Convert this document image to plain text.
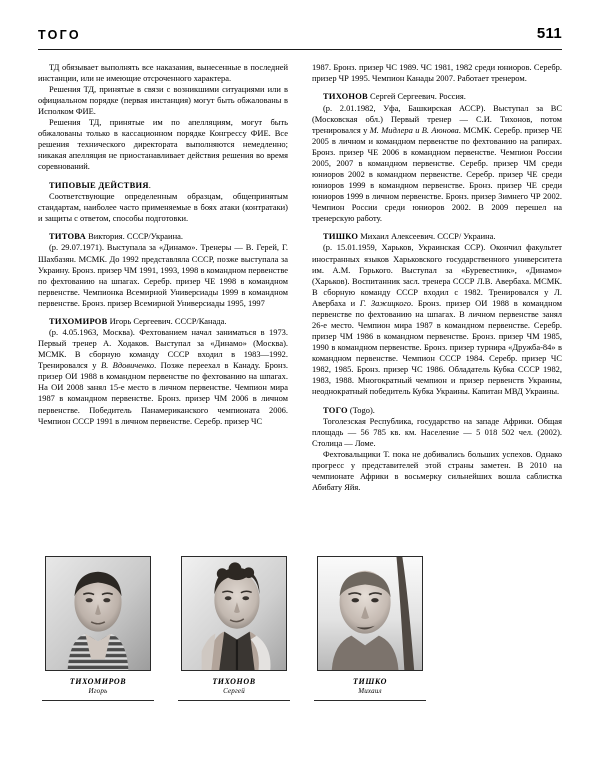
ТОГО	511

ТД обязывает выполнять все наказания, вынесенные в последней инстанции, или не имеющие отсроченного характера.

Решения ТД, принятые в связи с возникшими ситуациями или в официальном порядке (первая инстанция) могут быть обжалованы в Исполком ФИЕ.

Решения ТД, принятые им по апелляциям, могут быть обжалованы только в кассационном порядке Конгрессу ФИЕ. Все решения технического директората выполняются немедленно; никакая апелляция не приостанавливает действия решения во время соревнований.

ТИПОВЫЕ ДЕЙСТВИЯ.

Соответствующие определенным образцам, общепринятым стандартам, наиболее часто применяемые в боях атаки (контратаки) и защиты с ответом, способы подготовки.

ТИТОВА Виктория. СССР/Украина.

(р. 29.07.1971). Выступала за «Динамо». Тренеры — В. Герей, Г. Шахбазян. МСМК. До 1992 представляла СССР, позже выступала за Украину. Бронз. призер ЧМ 1991, 1993, 1998 в командном первенстве по фехтованию на шпагах. Серебр. призер ЧЕ 1998 в командном первенстве. Чемпионка Всемирной Универсиады 1999 в командном первенстве. Бронз. призер Всемирной Универсиады 1995, 1997

ТИХОМИРОВ Игорь Сергеевич. СССР/Канада.

(р. 4.05.1963, Москва). Фехтованием начал заниматься в 1973. Первый тренер А. Ходаков. Выступал за «Динамо» (Москва). МСМК. В сборную команду СССР входил в 1983—1992. Тренировался у В. Вдовиченко. Позже переехал в Канаду. Бронз. призер ОИ 1988 в командном первенстве по фехтованию на шпагах. На ОИ 2008 занял 15-е место в личном первенстве. Чемпион мира 1987 в командном первенстве. Бронз. призер ЧМ 2006 в личном первенстве. Победитель Панамериканского чемпионата 2006. Чемпион СССР 1991 в личном первенстве. Серебр. призер ЧС

1987. Бронз. призер ЧС 1989. ЧС 1981, 1982 среди юниоров. Серебр. призер ЧР 1995. Чемпион Канады 2007. Работает тренером.

ТИХОНОВ Сергей Сергеевич. Россия.

(р. 2.01.1982, Уфа, Башкирская АССР). Выступал за ВС (Московская обл.) Первый тренер — С.И. Тихонов, потом тренировался у М. Мидлера и В. Аюнова. МСМК. Серебр. призер ЧЕ 2005 в личном и командном первенстве по фехтованию на рапирах. Бронз. призер ЧЕ 2006 в командном первенстве. Чемпион России 2005, 2007 в командном первенстве. Серебр. призер ЧМ среди юниоров 2002 в командном первенстве. Серебр. призер ЧЕ среди юниоров 1999 в командном первенстве. Бронз. призер ЧЕ среди юниоров 1999 в личном первенстве. Бронз. призер Зимнего ЧР 2002. Чемпион России среди юниоров 2002. В 2009 перешел на тренерскую работу.

ТИШКО Михаил Алексеевич. СССР/ Украина.

(р. 15.01.1959, Харьков, Украинская ССР). Окончил факультет иностранных языков Харьковского государственного университета им. А.М. Горького. Выступал за «Буревестник», «Динамо» (Харьков). Воспитанник засл. тренера СССР Л.В. Авербаха. МСМК. В сборную команду СССР входил с 1982. Тренировался у Л. Авербаха и Г. Зажицкого. Бронз. призер ОИ 1988 в командном первенстве по фехтованию на шпагах. В личном первенстве занял 26-е место. Чемпион мира 1987 в командном первенстве. Серебр. призер ЧМ 1986 в командном первенстве. Бронз. призер ЧМ 1985, 1990 в командном первенстве. Бронз. призер турнира «Дружба-84» в командном первенстве. Чемпион СССР 1984. Серебр. призер ЧС 1982, 1985. Бронз. призер ЧС 1986. Обладатель Кубка СССР 1982, 1983, 1988. Многократный чемпион и призер первенств Украины, неоднократный победитель Кубка Украины. Капитан МВД Украины.

ТОГО (Togo).

Тоголезская Республика, государство на западе Африки. Общая площадь — 56 785 кв. км. Население — 5 018 502 чел. (2002). Столица — Ломе.

Фехтовальщики Т. пока не добивались больших успехов. Однако прогресс у представителей этой страны заметен. В 2010 на чемпионате Африки в восьмерку сильнейших вошла саблистка Абибату Яйя.

ТИХОМИРОВ
Игорь
ТИХОНОВ
Сергей
ТИШКО
Михаил
